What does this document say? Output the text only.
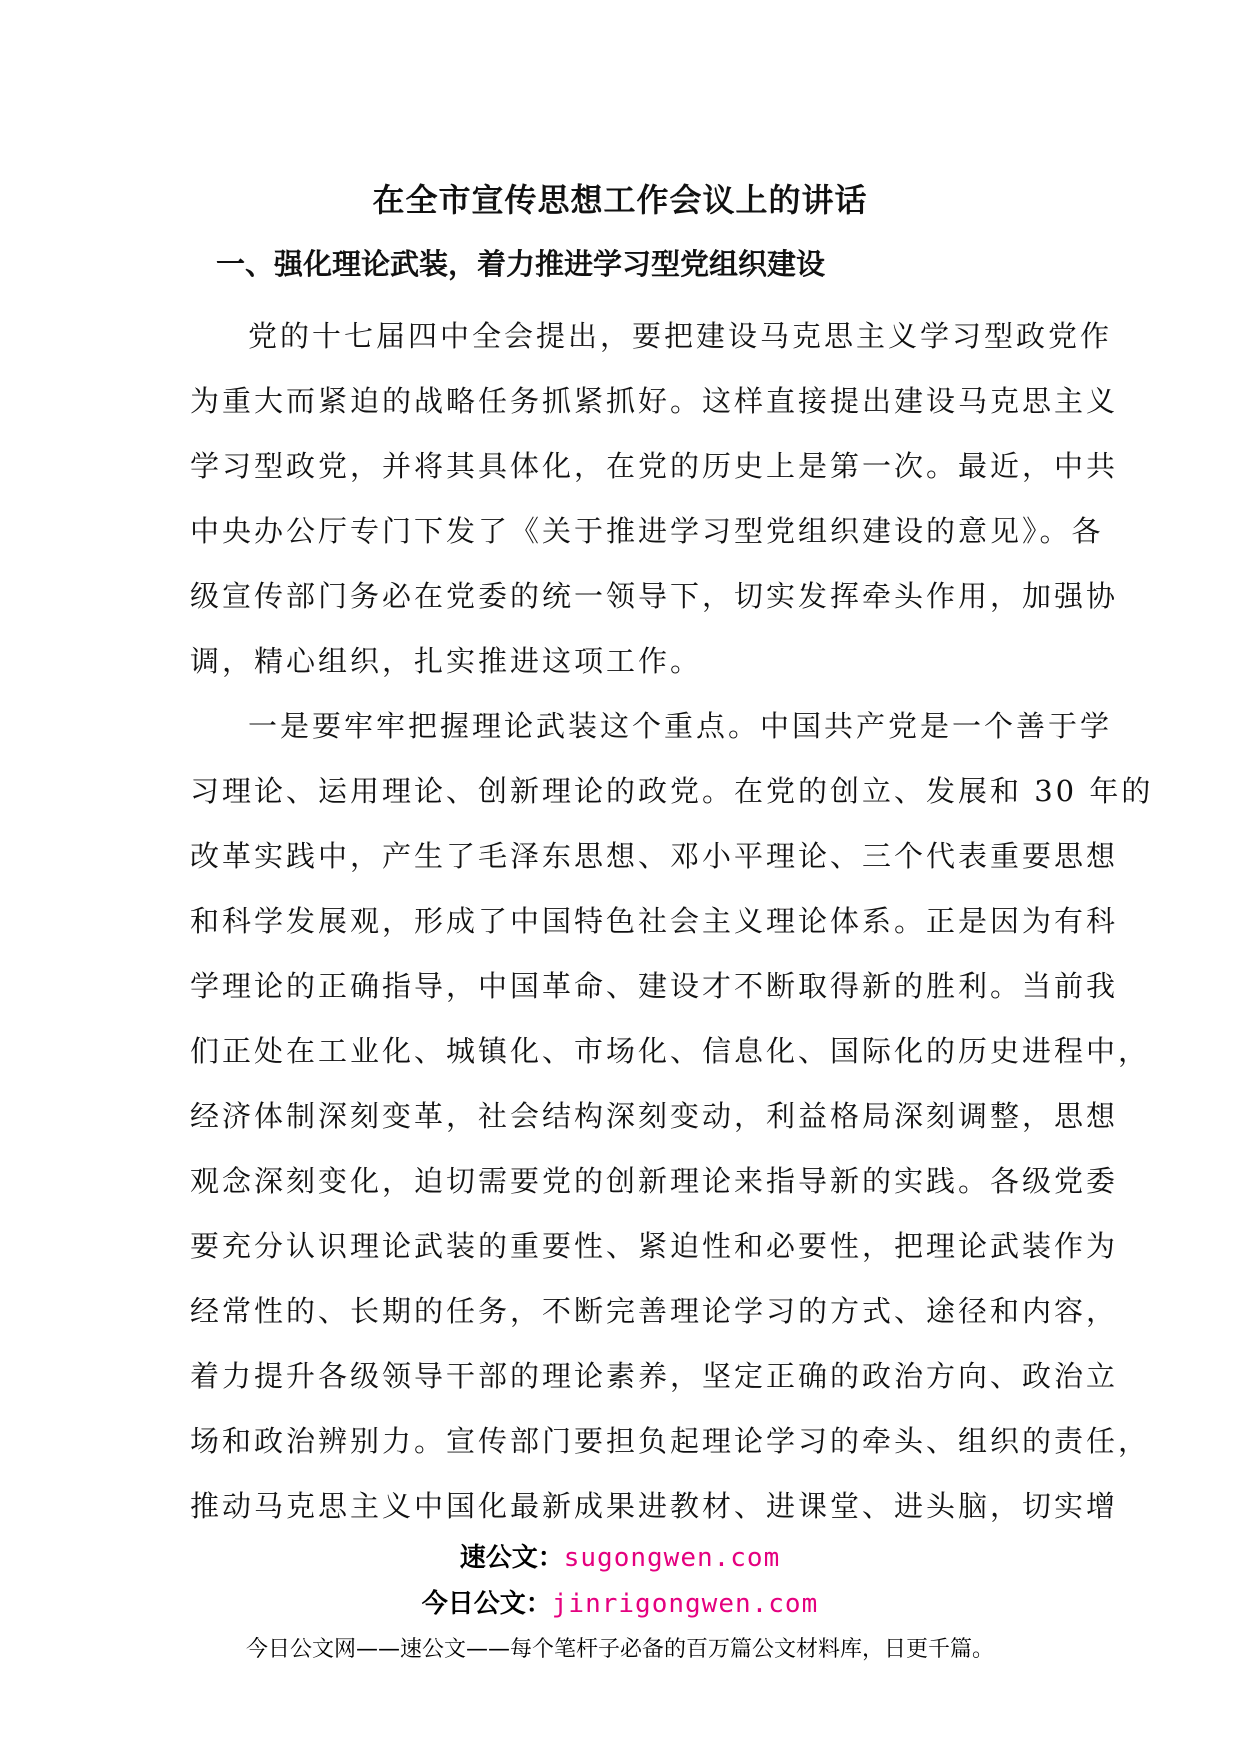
在全市宣传思想工作会议上的讲话
一、强化理论武装，着力推进学习型党组织建设

党的十七届四中全会提出，要把建设马克思主义学习型政党作
为重大而紧迫的战略任务抓紧抓好。这样直接提出建设马克思主义
学习型政党，并将其具体化，在党的历史上是第一次。最近，中共
中央办公厅专门下发了《关于推进学习型党组织建设的意见》。各
级宣传部门务必在党委的统一领导下，切实发挥牵头作用，加强协
调，精心组织，扎实推进这项工作。

一是要牢牢把握理论武装这个重点。中国共产党是一个善于学
习理论、运用理论、创新理论的政党。在党的创立、发展和 30 年的
改革实践中，产生了毛泽东思想、邓小平理论、三个代表重要思想
和科学发展观，形成了中国特色社会主义理论体系。正是因为有科
学理论的正确指导，中国革命、建设才不断取得新的胜利。当前我
们正处在工业化、城镇化、市场化、信息化、国际化的历史进程中，
经济体制深刻变革，社会结构深刻变动，利益格局深刻调整，思想
观念深刻变化，迫切需要党的创新理论来指导新的实践。各级党委
要充分认识理论武装的重要性、紧迫性和必要性，把理论武装作为
经常性的、长期的任务，不断完善理论学习的方式、途径和内容，
着力提升各级领导干部的理论素养，坚定正确的政治方向、政治立
场和政治辨别力。宣传部门要担负起理论学习的牵头、组织的责任，
推动马克思主义中国化最新成果进教材、进课堂、进头脑，切实增

速公文：sugongwen.com
今日公文：jinrigongwen.com
今日公文网——速公文——每个笔杆子必备的百万篇公文材料库，日更千篇。
